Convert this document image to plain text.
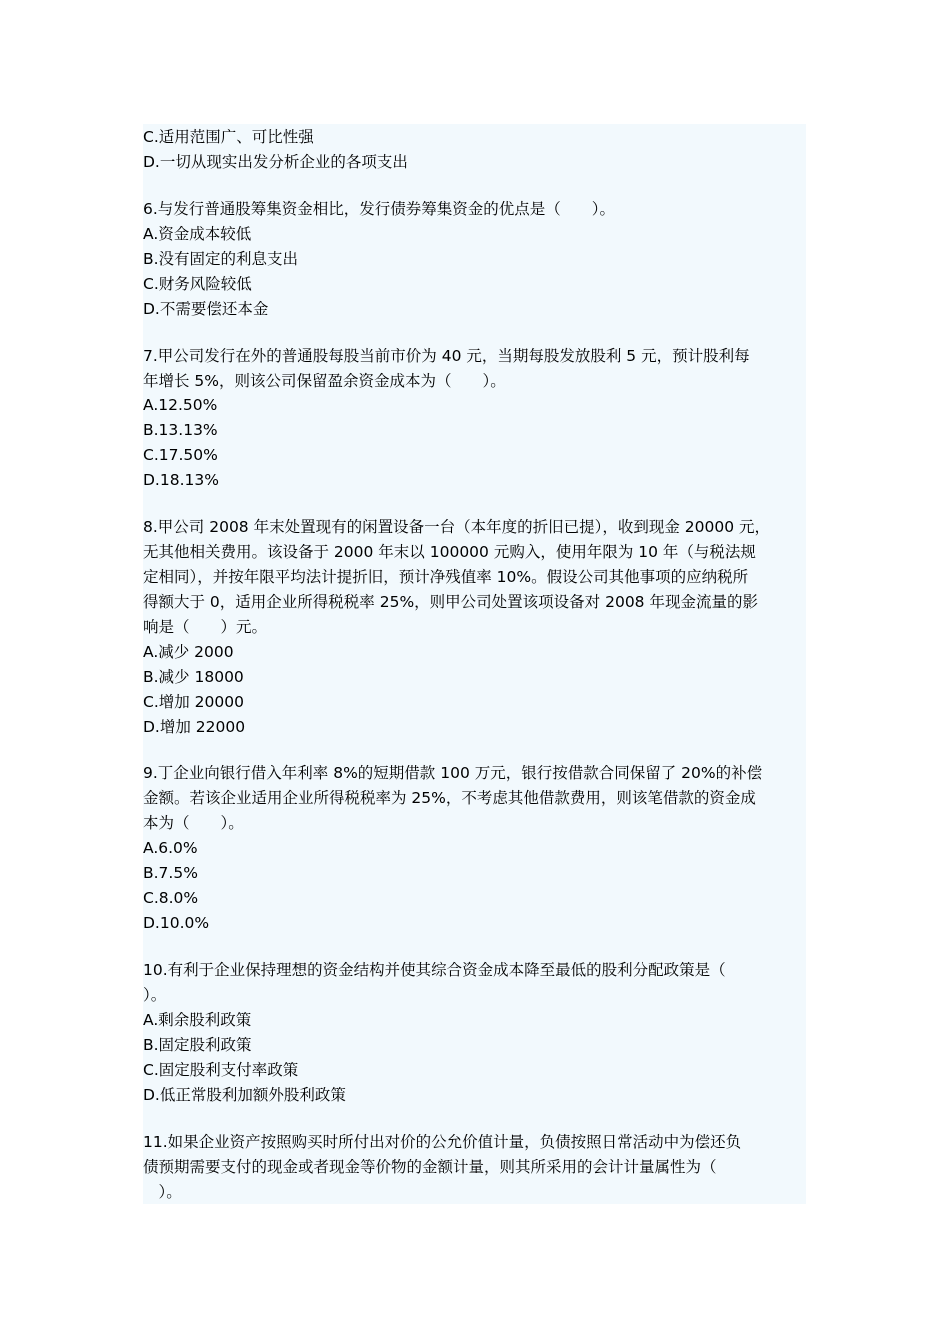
C.适用范围广、可比性强
D.一切从现实出发分析企业的各项支出
6.与发行普通股筹集资金相比，发行债券筹集资金的优点是（　　）。
A.资金成本较低
B.没有固定的利息支出
C.财务风险较低
D.不需要偿还本金
7.甲公司发行在外的普通股每股当前市价为 40 元，当期每股发放股利 5 元，预计股利每
年增长 5%，则该公司保留盈余资金成本为（　　）。
A.12.50%
B.13.13%
C.17.50%
D.18.13%
8.甲公司 2008 年末处置现有的闲置设备一台（本年度的折旧已提），收到现金 20000 元，
无其他相关费用。该设备于 2000 年末以 100000 元购入，使用年限为 10 年（与税法规
定相同），并按年限平均法计提折旧，预计净残值率 10%。假设公司其他事项的应纳税所
得额大于 0，适用企业所得税税率 25%，则甲公司处置该项设备对 2008 年现金流量的影
响是（　　）元。
A.减少 2000
B.减少 18000
C.增加 20000
D.增加 22000
9.丁企业向银行借入年利率 8%的短期借款 100 万元，银行按借款合同保留了 20%的补偿
金额。若该企业适用企业所得税税率为 25%，不考虑其他借款费用，则该笔借款的资金成
本为（　　）。
A.6.0%
B.7.5%
C.8.0%
D.10.0%
10.有利于企业保持理想的资金结构并使其综合资金成本降至最低的股利分配政策是（
）。
A.剩余股利政策
B.固定股利政策
C.固定股利支付率政策
D.低正常股利加额外股利政策
11.如果企业资产按照购买时所付出对价的公允价值计量，负债按照日常活动中为偿还负
债预期需要支付的现金或者现金等价物的金额计量，则其所采用的会计计量属性为（
　）。
